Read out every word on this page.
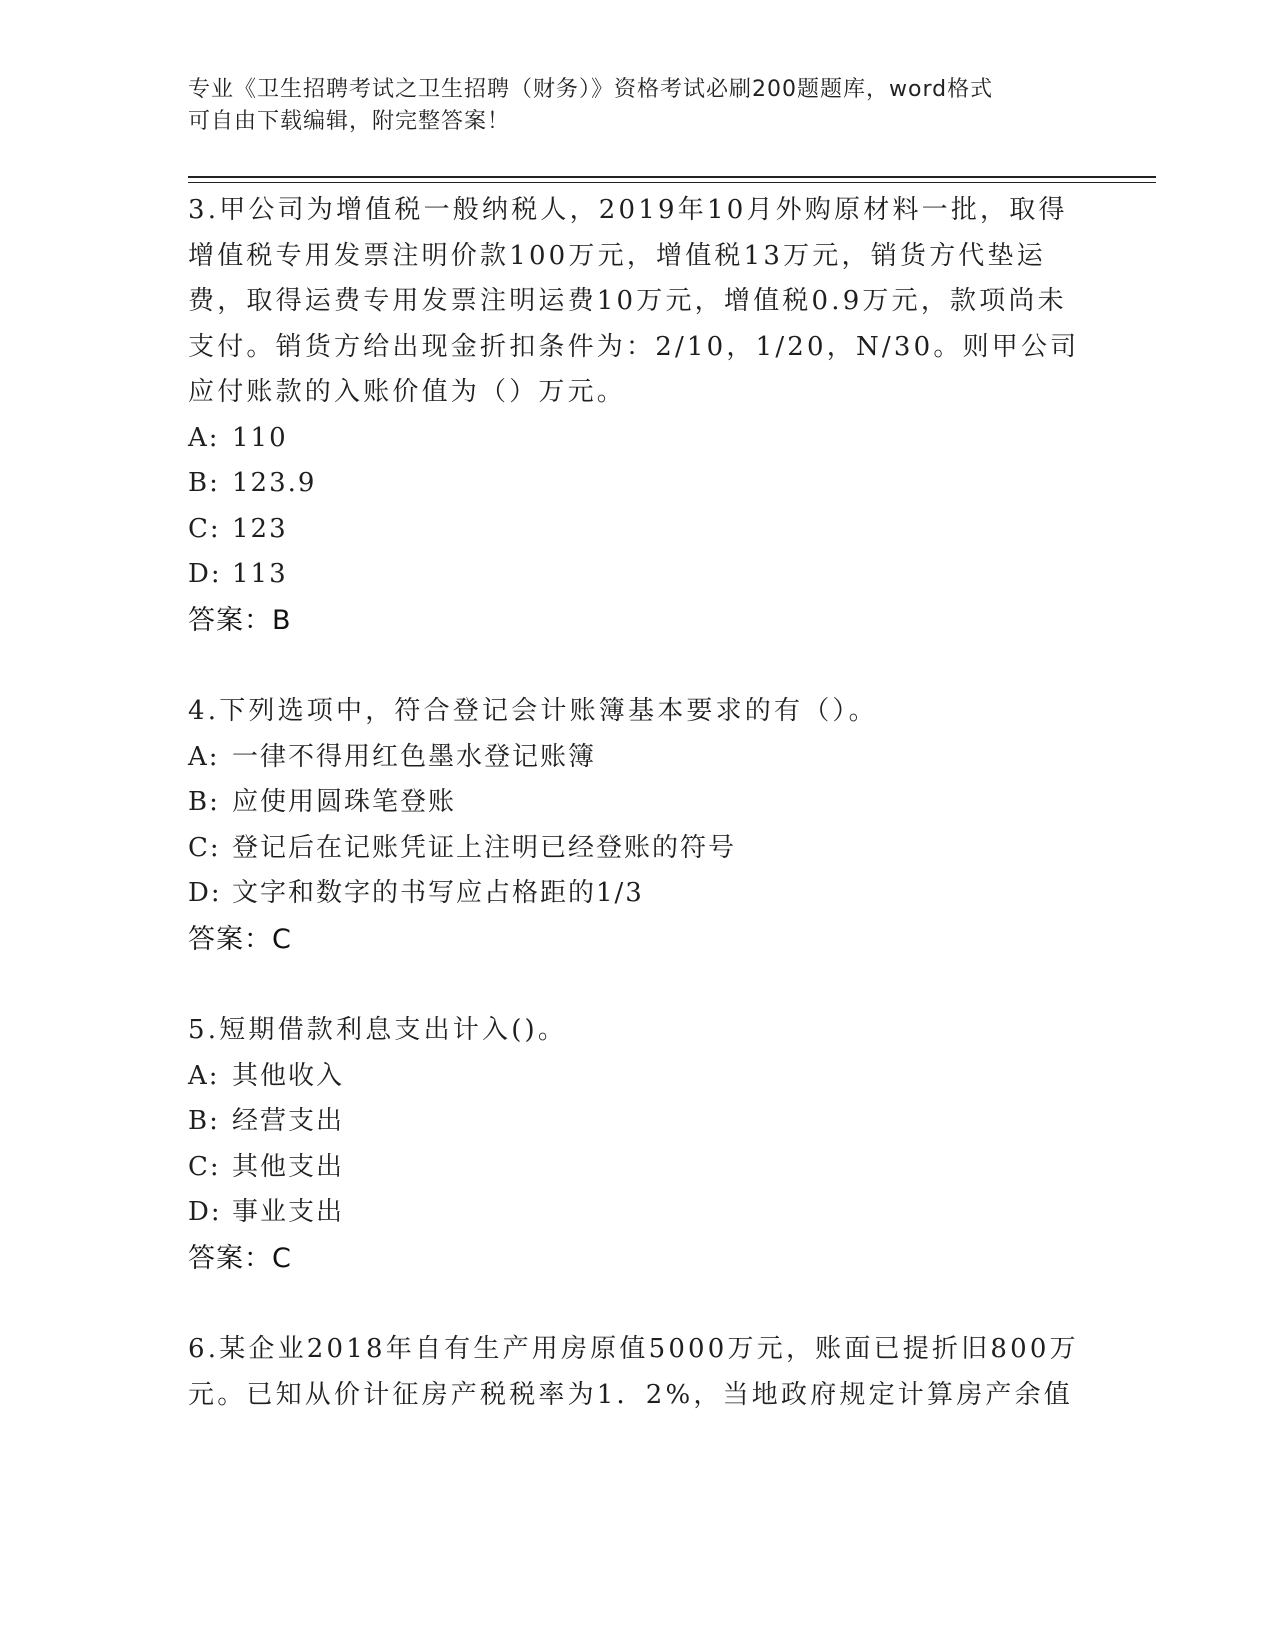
专业《卫生招聘考试之卫生招聘（财务）》资格考试必刷200题题库，word格式
可自由下载编辑，附完整答案！

3.甲公司为增值税一般纳税人，2019年10月外购原材料一批，取得增值税专用发票注明价款100万元，增值税13万元，销货方代垫运费，取得运费专用发票注明运费10万元，增值税0.9万元，款项尚未支付。销货方给出现金折扣条件为：2/10，1/20，N/30。则甲公司应付账款的入账价值为（）万元。

A: 110
B: 123.9
C: 123
D: 113
答案：B

4.下列选项中，符合登记会计账簿基本要求的有（）。

A: 一律不得用红色墨水登记账簿
B: 应使用圆珠笔登账
C: 登记后在记账凭证上注明已经登账的符号
D: 文字和数字的书写应占格距的1/3
答案：C

5.短期借款利息支出计入()。

A: 其他收入
B: 经营支出
C: 其他支出
D: 事业支出
答案：C

6.某企业2018年自有生产用房原值5000万元，账面已提折旧800万元。已知从价计征房产税税率为1．2%，当地政府规定计算房产余值
